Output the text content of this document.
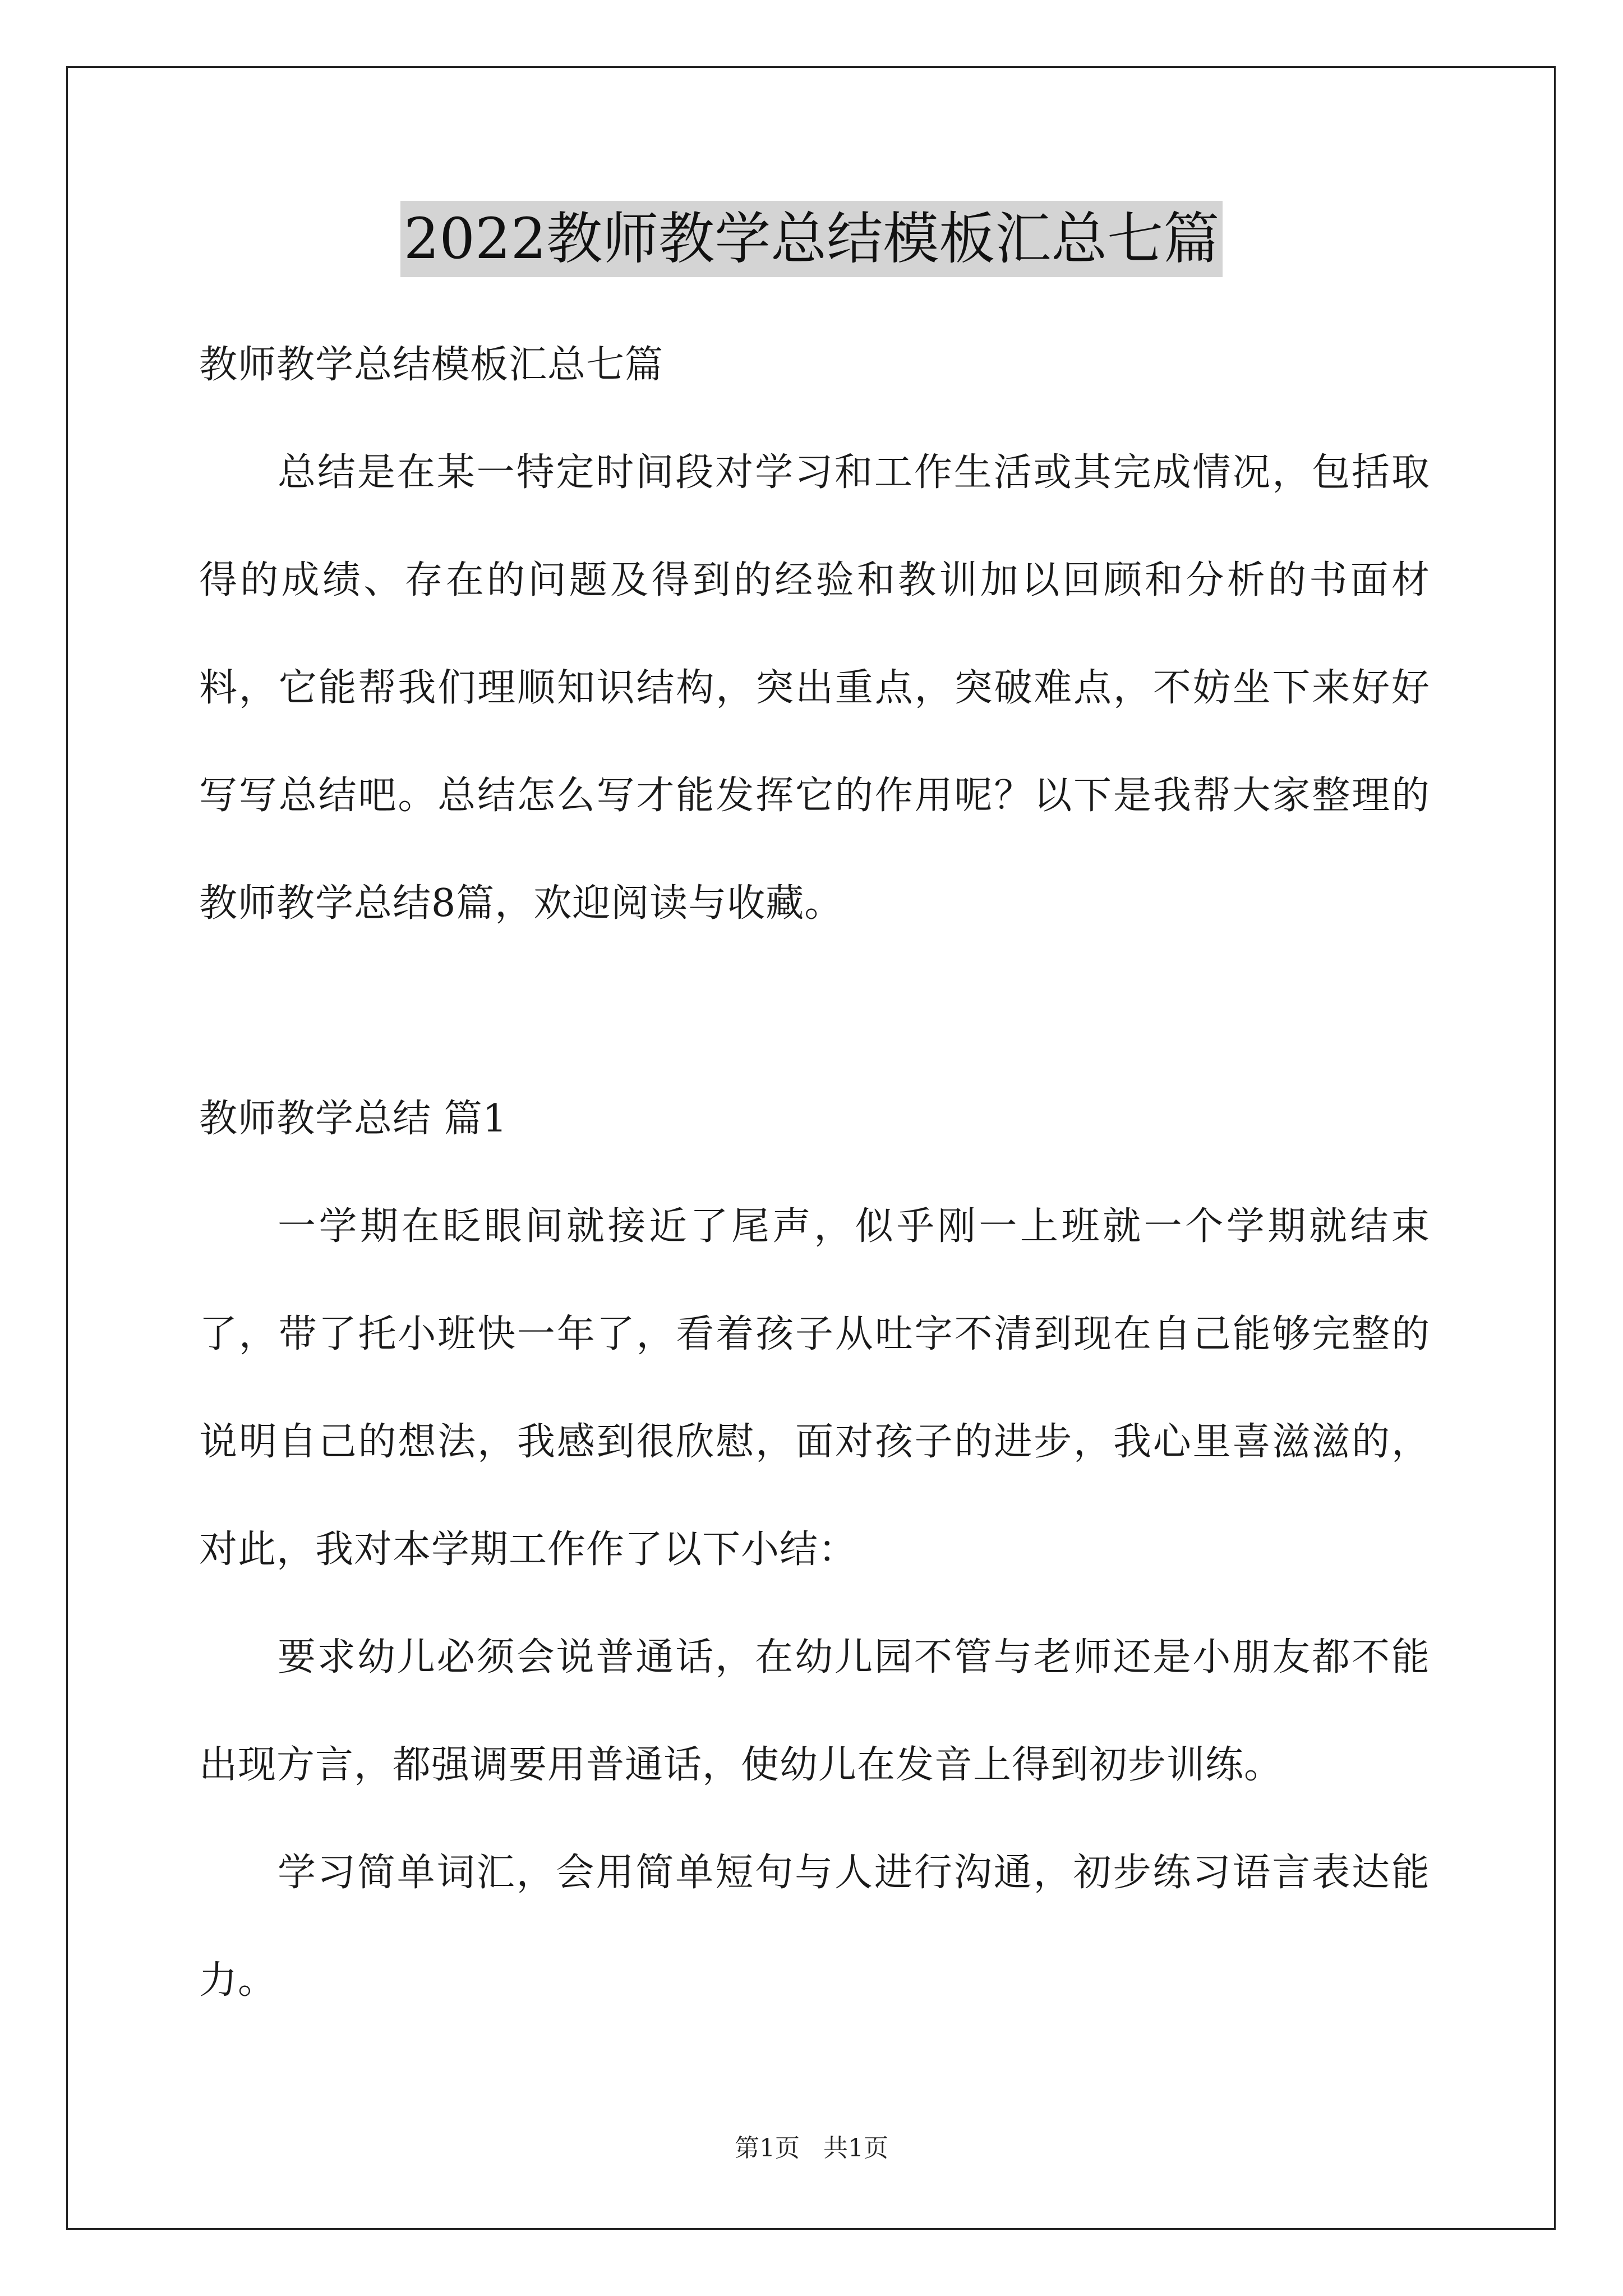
2022教师教学总结模板汇总七篇

教师教学总结模板汇总七篇

总结是在某一特定时间段对学习和工作生活或其完成情况，包括取得的成绩、存在的问题及得到的经验和教训加以回顾和分析的书面材料，它能帮我们理顺知识结构，突出重点，突破难点，不妨坐下来好好写写总结吧。总结怎么写才能发挥它的作用呢？以下是我帮大家整理的教师教学总结8篇，欢迎阅读与收藏。

教师教学总结 篇1

一学期在眨眼间就接近了尾声，似乎刚一上班就一个学期就结束了，带了托小班快一年了，看着孩子从吐字不清到现在自己能够完整的说明自己的想法，我感到很欣慰，面对孩子的进步，我心里喜滋滋的，对此，我对本学期工作作了以下小结：

要求幼儿必须会说普通话，在幼儿园不管与老师还是小朋友都不能出现方言，都强调要用普通话，使幼儿在发音上得到初步训练。

学习简单词汇，会用简单短句与人进行沟通，初步练习语言表达能力。

第1页 共1页
